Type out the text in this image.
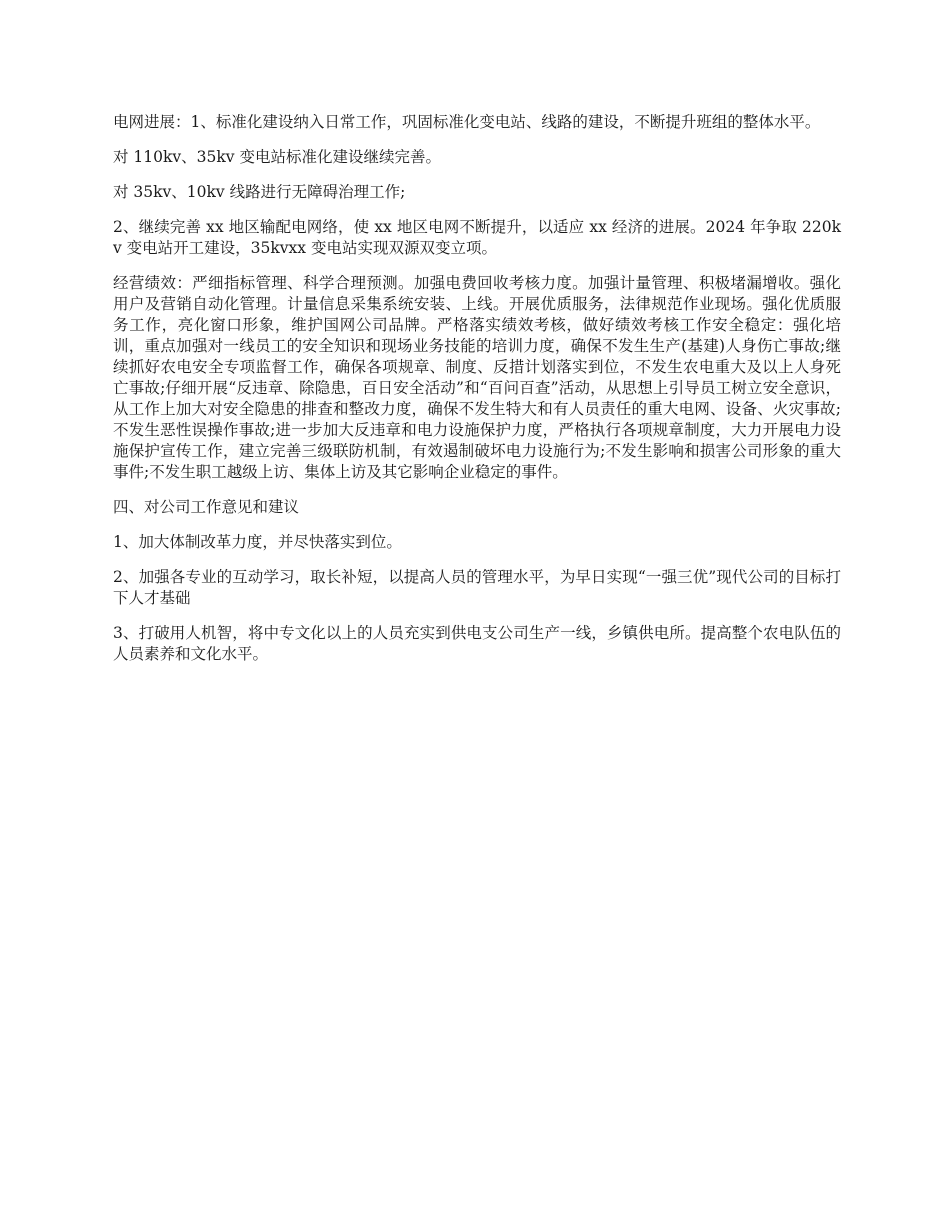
电网进展：1、标准化建设纳入日常工作，巩固标准化变电站、线路的建设，不断提升班组的整体水平。

对 110kv、35kv 变电站标准化建设继续完善。

对 35kv、10kv 线路进行无障碍治理工作;

2、继续完善 xx 地区输配电网络，使 xx 地区电网不断提升，以适应 xx 经济的进展。2024 年争取 220kv 变电站开工建设，35kvxx 变电站实现双源双变立项。

经营绩效：严细指标管理、科学合理预测。加强电费回收考核力度。加强计量管理、积极堵漏增收。强化用户及营销自动化管理。计量信息采集系统安装、上线。开展优质服务，法律规范作业现场。强化优质服务工作，亮化窗口形象，维护国网公司品牌。严格落实绩效考核，做好绩效考核工作安全稳定：强化培训，重点加强对一线员工的安全知识和现场业务技能的培训力度，确保不发生生产(基建)人身伤亡事故;继续抓好农电安全专项监督工作，确保各项规章、制度、反措计划落实到位，不发生农电重大及以上人身死亡事故;仔细开展“反违章、除隐患，百日安全活动”和“百问百查”活动，从思想上引导员工树立安全意识，从工作上加大对安全隐患的排查和整改力度，确保不发生特大和有人员责任的重大电网、设备、火灾事故;不发生恶性误操作事故;进一步加大反违章和电力设施保护力度，严格执行各项规章制度，大力开展电力设施保护宣传工作，建立完善三级联防机制，有效遏制破坏电力设施行为;不发生影响和损害公司形象的重大事件;不发生职工越级上访、集体上访及其它影响企业稳定的事件。

四、对公司工作意见和建议

1、加大体制改革力度，并尽快落实到位。

2、加强各专业的互动学习，取长补短，以提高人员的管理水平，为早日实现“一强三优”现代公司的目标打下人才基础

3、打破用人机智，将中专文化以上的人员充实到供电支公司生产一线，乡镇供电所。提高整个农电队伍的人员素养和文化水平。
